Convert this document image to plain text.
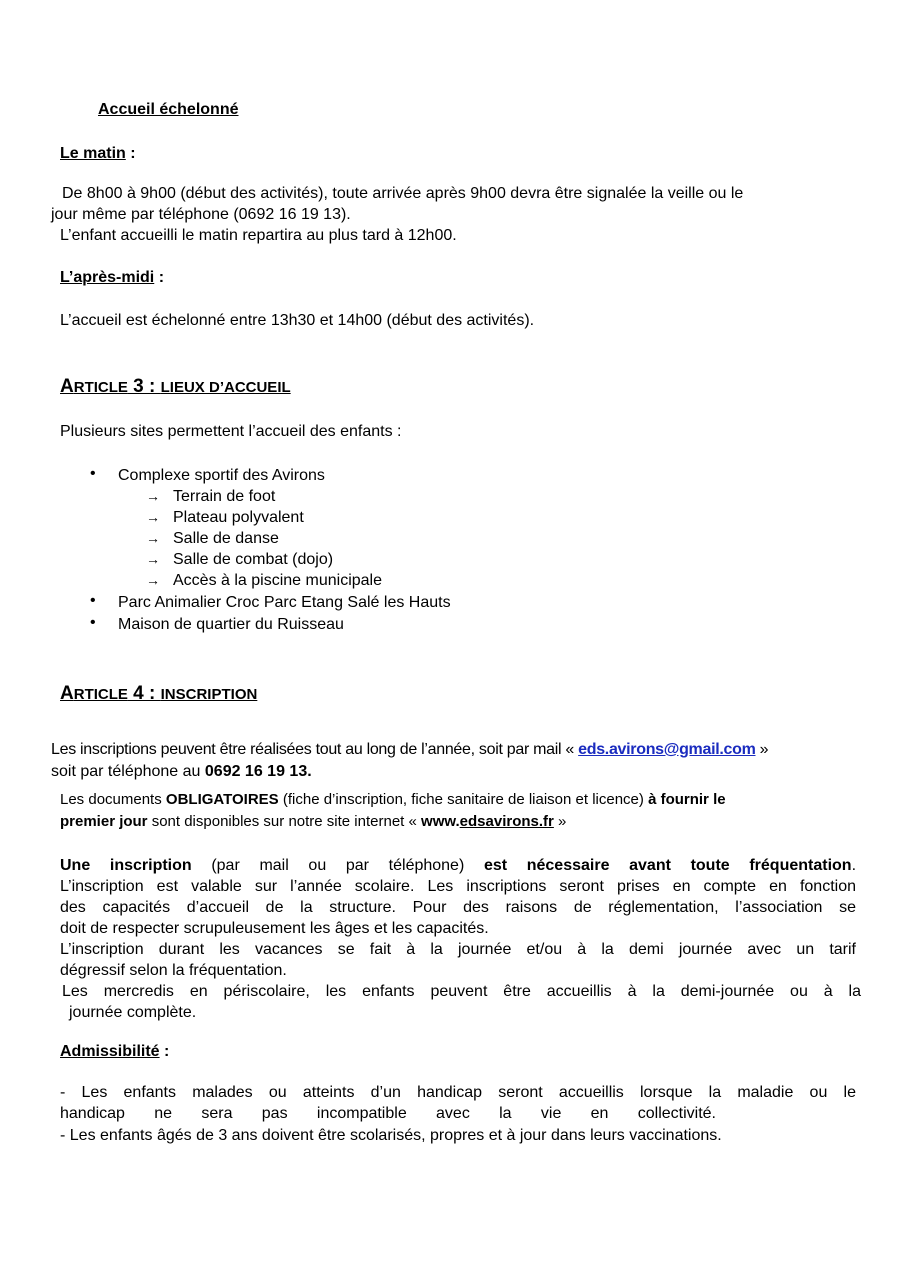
Accueil échelonné
Le matin :
De 8h00 à 9h00 (début des activités), toute arrivée après 9h00 devra être signalée la veille ou le
jour même par téléphone (0692 16 19 13).
L’enfant accueilli le matin repartira au plus tard à 12h00.
L’après-midi :
L’accueil est échelonné entre 13h30 et 14h00 (début des activités).
ARTICLE 3 : LIEUX D’ACCUEIL
Plusieurs sites permettent l’accueil des enfants :
• Complexe sportif des Avirons
→ Terrain de foot
→ Plateau polyvalent
→ Salle de danse
→ Salle de combat (dojo)
→ Accès à la piscine municipale
• Parc Animalier Croc Parc Etang Salé les Hauts
• Maison de quartier du Ruisseau
ARTICLE 4 : INSCRIPTION
Les inscriptions peuvent être réalisées tout au long de l’année, soit par mail « eds.avirons@gmail.com »
soit par téléphone au 0692 16 19 13.
Les documents OBLIGATOIRES (fiche d’inscription, fiche sanitaire de liaison et licence) à fournir le
premier jour sont disponibles sur notre site internet « www.edsavirons.fr »
Une inscription (par mail ou par téléphone) est nécessaire avant toute fréquentation.
L’inscription est valable sur l’année scolaire. Les inscriptions seront prises en compte en fonction
des capacités d’accueil de la structure. Pour des raisons de réglementation, l’association se
doit de respecter scrupuleusement les âges et les capacités.
L’inscription durant les vacances se fait à la journée et/ou à la demi journée avec un tarif
dégressif selon la fréquentation.
Les mercredis en périscolaire, les enfants peuvent être accueillis à la demi-journée ou à la
journée complète.
Admissibilité :
- Les enfants malades ou atteints d’un handicap seront accueillis lorsque la maladie ou le
handicap ne sera pas incompatible avec la vie en collectivité.
- Les enfants âgés de 3 ans doivent être scolarisés, propres et à jour dans leurs vaccinations.
